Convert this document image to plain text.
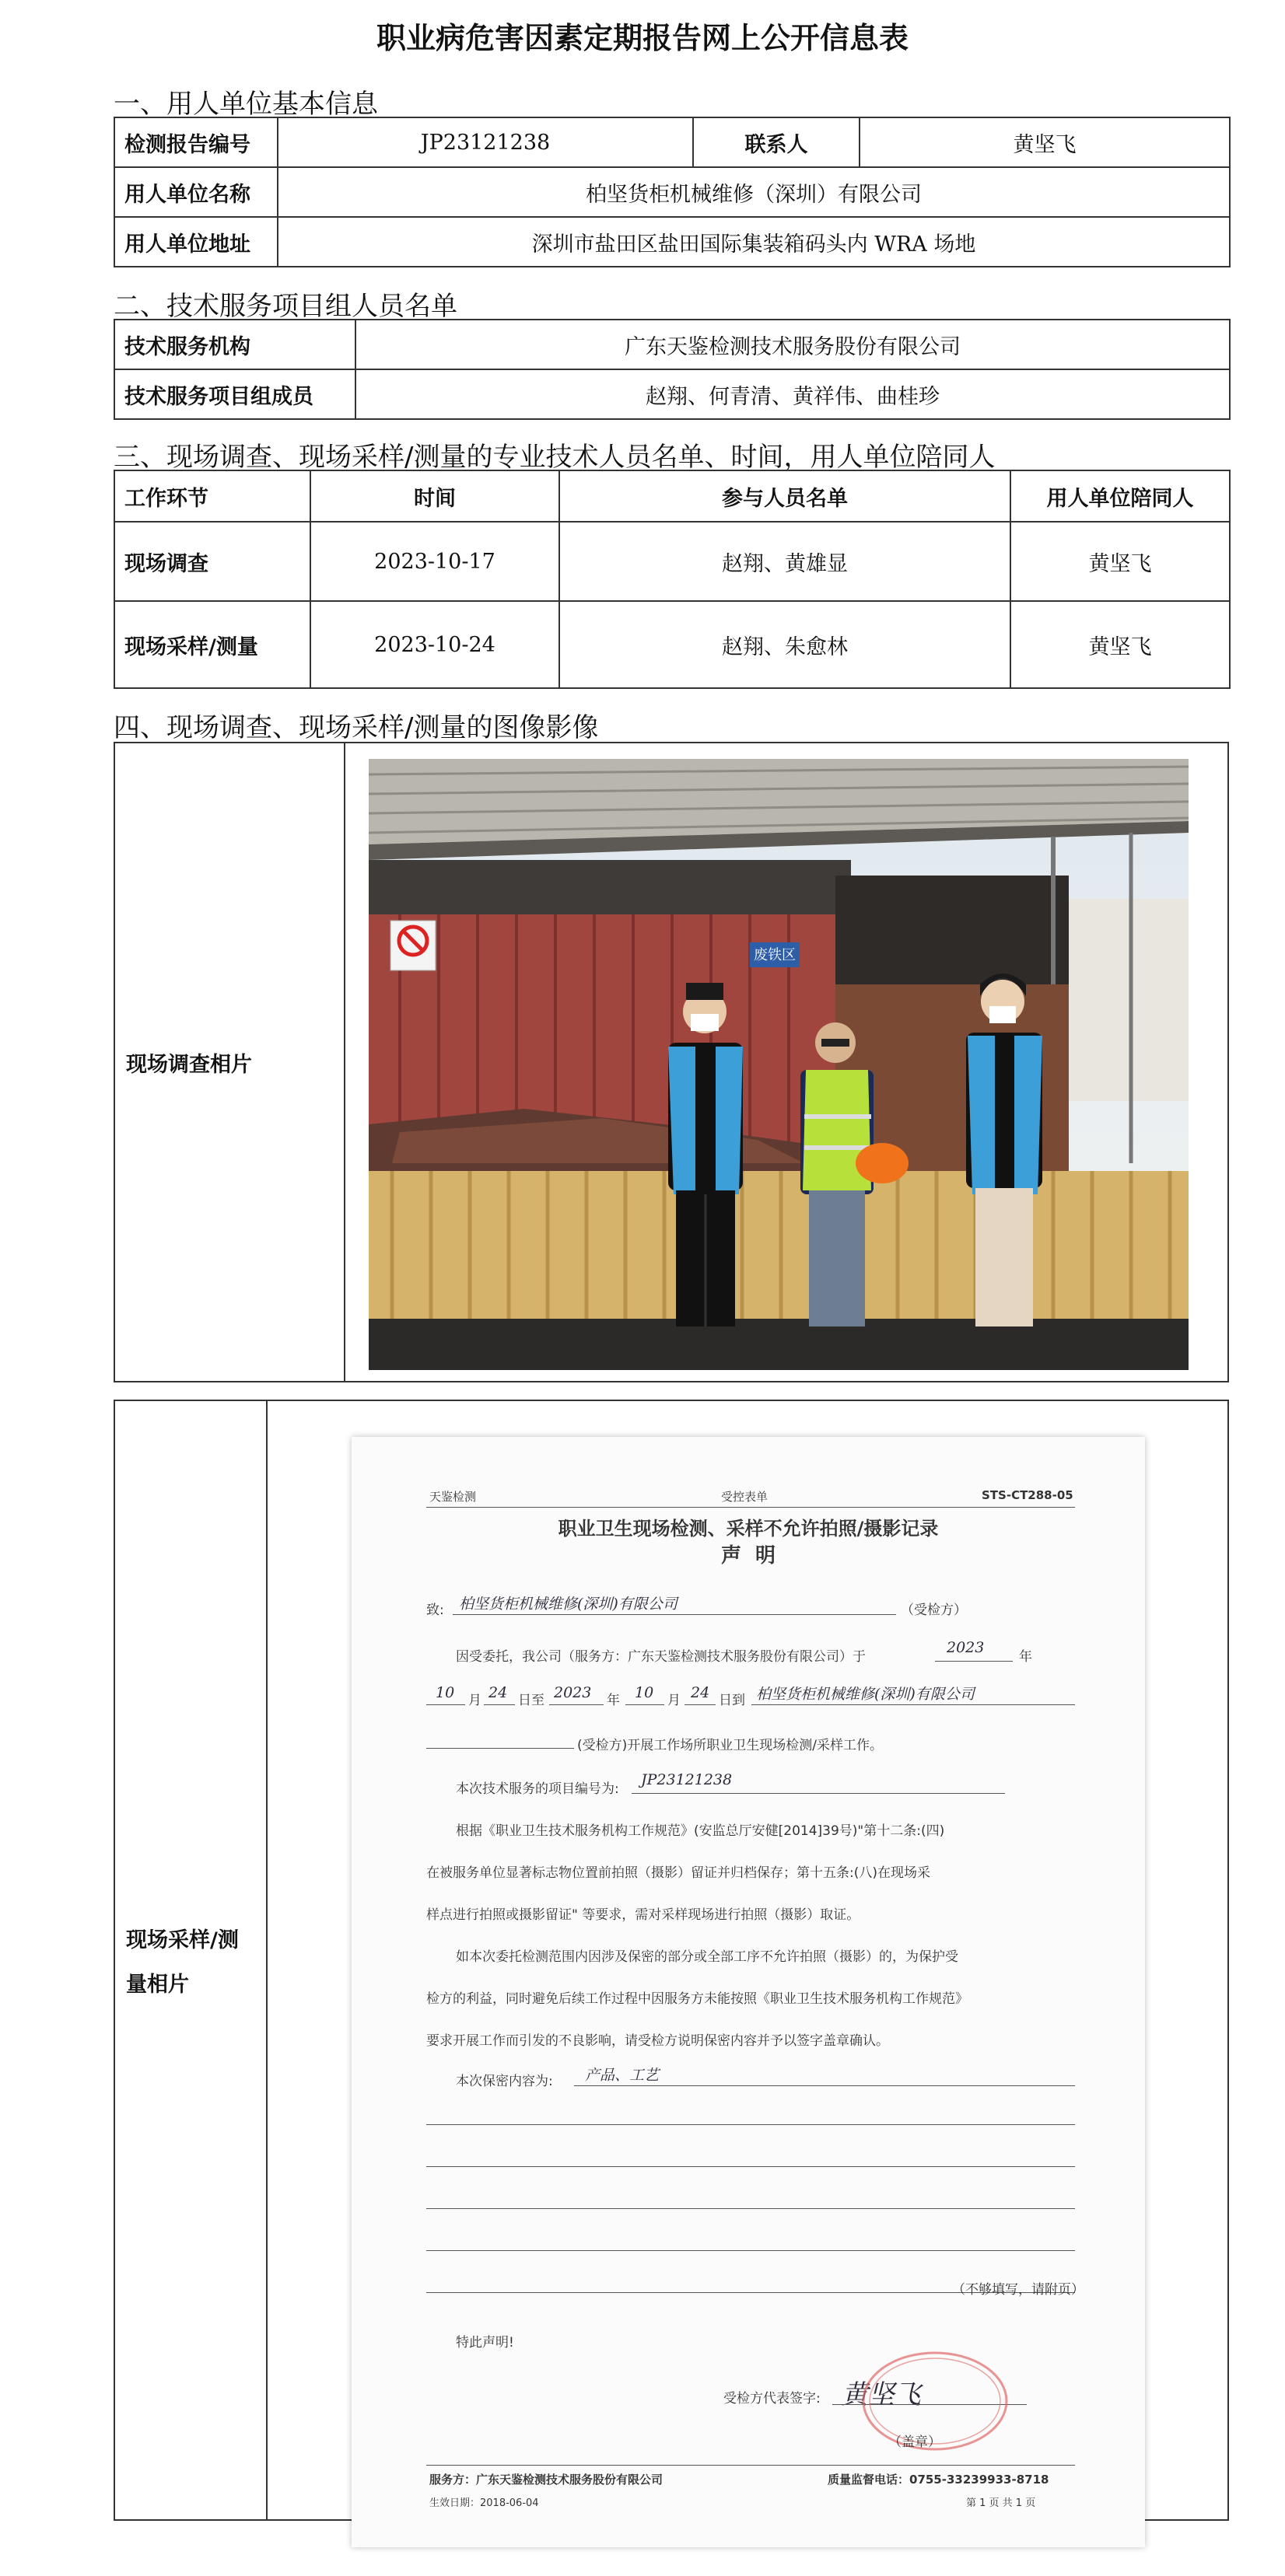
职业病危害因素定期报告网上公开信息表
一、用人单位基本信息
检测报告编号	JP23121238	联系人	黄坚飞
用人单位名称	柏坚货柜机械维修（深圳）有限公司		
用人单位地址	深圳市盐田区盐田国际集装箱码头内 WRA 场地		
二、技术服务项目组人员名单
技术服务机构	广东天鉴检测技术服务股份有限公司
技术服务项目组成员	赵翔、何青清、黄祥伟、曲桂珍
三、现场调查、现场采样/测量的专业技术人员名单、时间，用人单位陪同人
工作环节	时间	参与人员名单	用人单位陪同人
现场调查	2023-10-17	赵翔、黄雄显	黄坚飞
现场采样/测量	2023-10-24	赵翔、朱愈林	黄坚飞
四、现场调查、现场采样/测量的图像影像
现场调查相片
废铁区
现场采样/测
量相片
天鉴检测	受控表单	STS-CT288-05
职业卫生现场检测、采样不允许拍照/摄影记录
声  明
致: 柏坚货柜机械维修(深圳)有限公司	（受检方）
因受委托，我公司（服务方：广东天鉴检测技术服务股份有限公司）于
2023
年
10 月 24 日至 2023 年 10 月 24 日到 柏坚货柜机械维修(深圳)有限公司
(受检方)开展工作场所职业卫生现场检测/采样工作。
本次技术服务的项目编号为:
JP23121238
根据《职业卫生技术服务机构工作规范》(安监总厅安健[2014]39号)"第十二条:(四)
在被服务单位显著标志物位置前拍照（摄影）留证并归档保存；第十五条:(八)在现场采
样点进行拍照或摄影留证" 等要求，需对采样现场进行拍照（摄影）取证。
如本次委托检测范围内因涉及保密的部分或全部工序不允许拍照（摄影）的，为保护受
检方的利益，同时避免后续工作过程中因服务方未能按照《职业卫生技术服务机构工作规范》
要求开展工作而引发的不良影响，请受检方说明保密内容并予以签字盖章确认。
本次保密内容为: 产品、工艺
（不够填写，请附页）
特此声明!
受检方代表签字: 黄坚飞
（盖章）
服务方：广东天鉴检测技术服务股份有限公司	质量监督电话：0755-33239933-8718
生效日期：2018-06-04	第 1 页 共 1 页
